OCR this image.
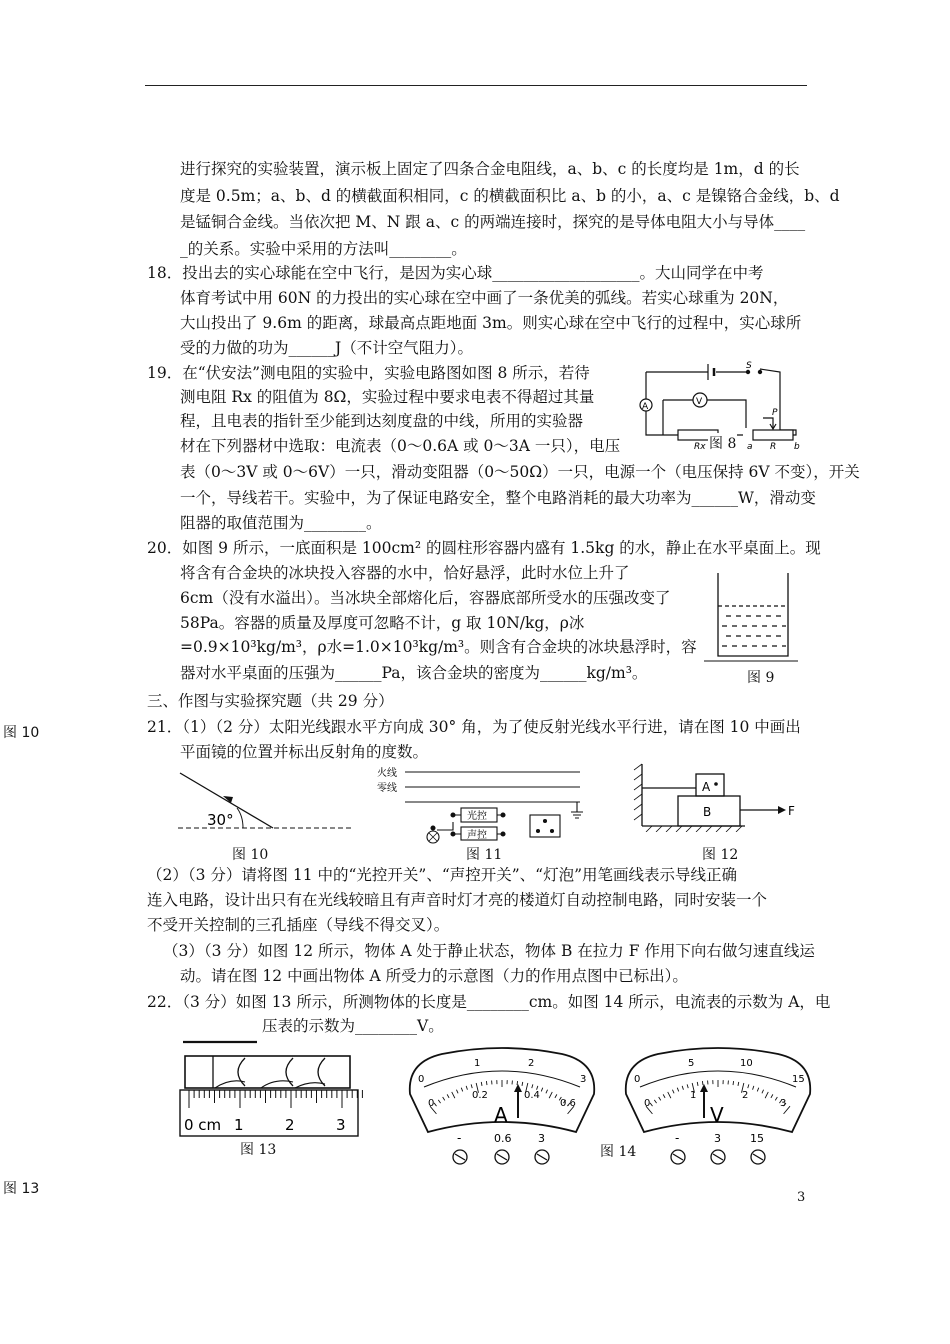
进行探究的实验装置，演示板上固定了四条合金电阻线，a、b、c 的长度均是 1m，d 的长
度是 0.5m；a、b、d 的横截面积相同，c 的横截面积比 a、b 的小，a、c 是镍铬合金线，b、d
是锰铜合金线。当依次把 M、N 跟 a、c 的两端连接时，探究的是导体电阻大小与导体____
_的关系。实验中采用的方法叫________。
18．投出去的实心球能在空中飞行，是因为实心球___________________。大山同学在中考
体育考试中用 60N 的力投出的实心球在空中画了一条优美的弧线。若实心球重为 20N，
大山投出了 9.6m 的距离，球最高点距地面 3m。则实心球在空中飞行的过程中，实心球所
受的力做的功为______J（不计空气阻力）。
19．在“伏安法”测电阻的实验中，实验电路图如图 8 所示，若待
测电阻 Rx 的阻值为 8Ω，实验过程中要求电表不得超过其量
程，且电表的指针至少能到达刻度盘的中线，所用的实验器
材在下列器材中选取：电流表（0～0.6A 或 0～3A 一只），电压
表（0～3V 或 0～6V）一只，滑动变阻器（0～50Ω）一只，电源一个（电压保持 6V 不变），开关
一个，导线若干。实验中，为了保证电路安全，整个电路消耗的最大功率为______W，滑动变
阻器的取值范围为________。
20．如图 9 所示，一底面积是 100cm² 的圆柱形容器内盛有 1.5kg 的水，静止在水平桌面上。现
将含有合金块的冰块投入容器的水中，恰好悬浮，此时水位上升了
6cm（没有水溢出）。当冰块全部熔化后，容器底部所受水的压强改变了
58Pa。容器的质量及厚度可忽略不计，g 取 10N/kg，ρ冰
=0.9×10³kg/m³，ρ水=1.0×10³kg/m³。则含有合金块的冰块悬浮时，容
器对水平桌面的压强为______Pa，该合金块的密度为______kg/m³。
三、作图与实验探究题（共 29 分）
21．（1）（2 分）太阳光线跟水平方向成 30° 角，为了使反射光线水平行进，请在图 10 中画出
平面镜的位置并标出反射角的度数。
（2）（3 分）请将图 11 中的“光控开关”、“声控开关”、“灯泡”用笔画线表示导线正确
连入电路，设计出只有在光线较暗且有声音时灯才亮的楼道灯自动控制电路，同时安装一个
不受开关控制的三孔插座（导线不得交叉）。
（3）（3 分）如图 12 所示，物体 A 处于静止状态，物体 B 在拉力 F 作用下向右做匀速直线运
动。请在图 12 中画出物体 A 所受力的示意图（力的作用点图中已标出）。
22．（3 分）如图 13 所示，所测物体的长度是________cm。如图 14 所示，电流表的示数为 A，电
压表的示数为________V。
图 10
图 13
3
A	V
S
Rx	R
P
a	b
图 8
图 9
30°
图 10
火线
零线
光控
声控
图 11
A
B	F
图 12
0 cm 1	2	3
图 13
0
1	2
3
0
0.2	0.4
0.6
A
-	0.6 3
0
5	10
15
0
1	2
3
V
-	3	15
图 14
